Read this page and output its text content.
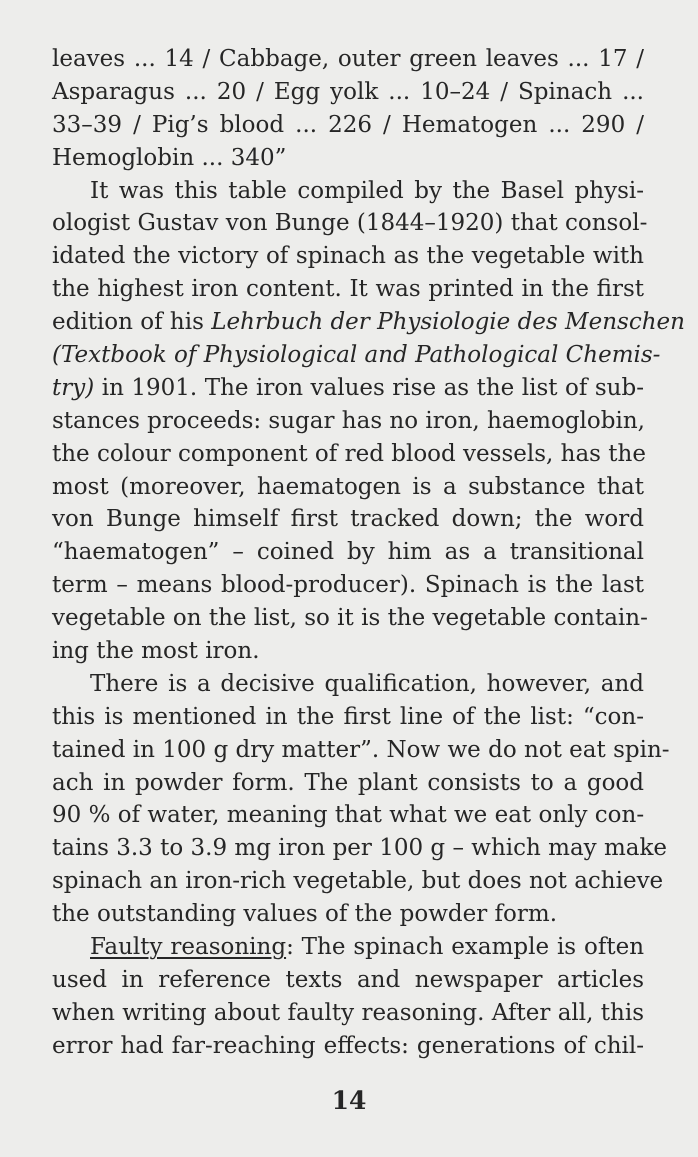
leaves ... 14 / Cabbage, outer green leaves ... 17 /
Asparagus ... 20 / Egg yolk ... 10–24 / Spinach ...
33–39 / Pig’s blood ... 226 / Hematogen ... 290 /
Hemoglobin ... 340”
It was this table compiled by the Basel physi-
ologist Gustav von Bunge (1844–1920) that consol-
idated the victory of spinach as the vegetable with
the highest iron content. It was printed in the first
edition of his Lehrbuch der Physiologie des Menschen
(Textbook of Physiological and Pathological Chemis-
try) in 1901. The iron values rise as the list of sub-
stances proceeds: sugar has no iron, haemoglobin,
the colour component of red blood vessels, has the
most (moreover, haematogen is a substance that
von Bunge himself first tracked down; the word
“haematogen” – coined by him as a transitional
term – means blood-producer). Spinach is the last
vegetable on the list, so it is the vegetable contain-
ing the most iron.
There is a decisive qualification, however, and
this is mentioned in the first line of the list: “con-
tained in 100 g dry matter”. Now we do not eat spin-
ach in powder form. The plant consists to a good
90 % of water, meaning that what we eat only con-
tains 3.3 to 3.9 mg iron per 100 g – which may make
spinach an iron-rich vegetable, but does not achieve
the outstanding values of the powder form.
Faulty reasoning: The spinach example is often
used in reference texts and newspaper articles
when writing about faulty reasoning. After all, this
error had far-reaching effects: generations of chil-
14
